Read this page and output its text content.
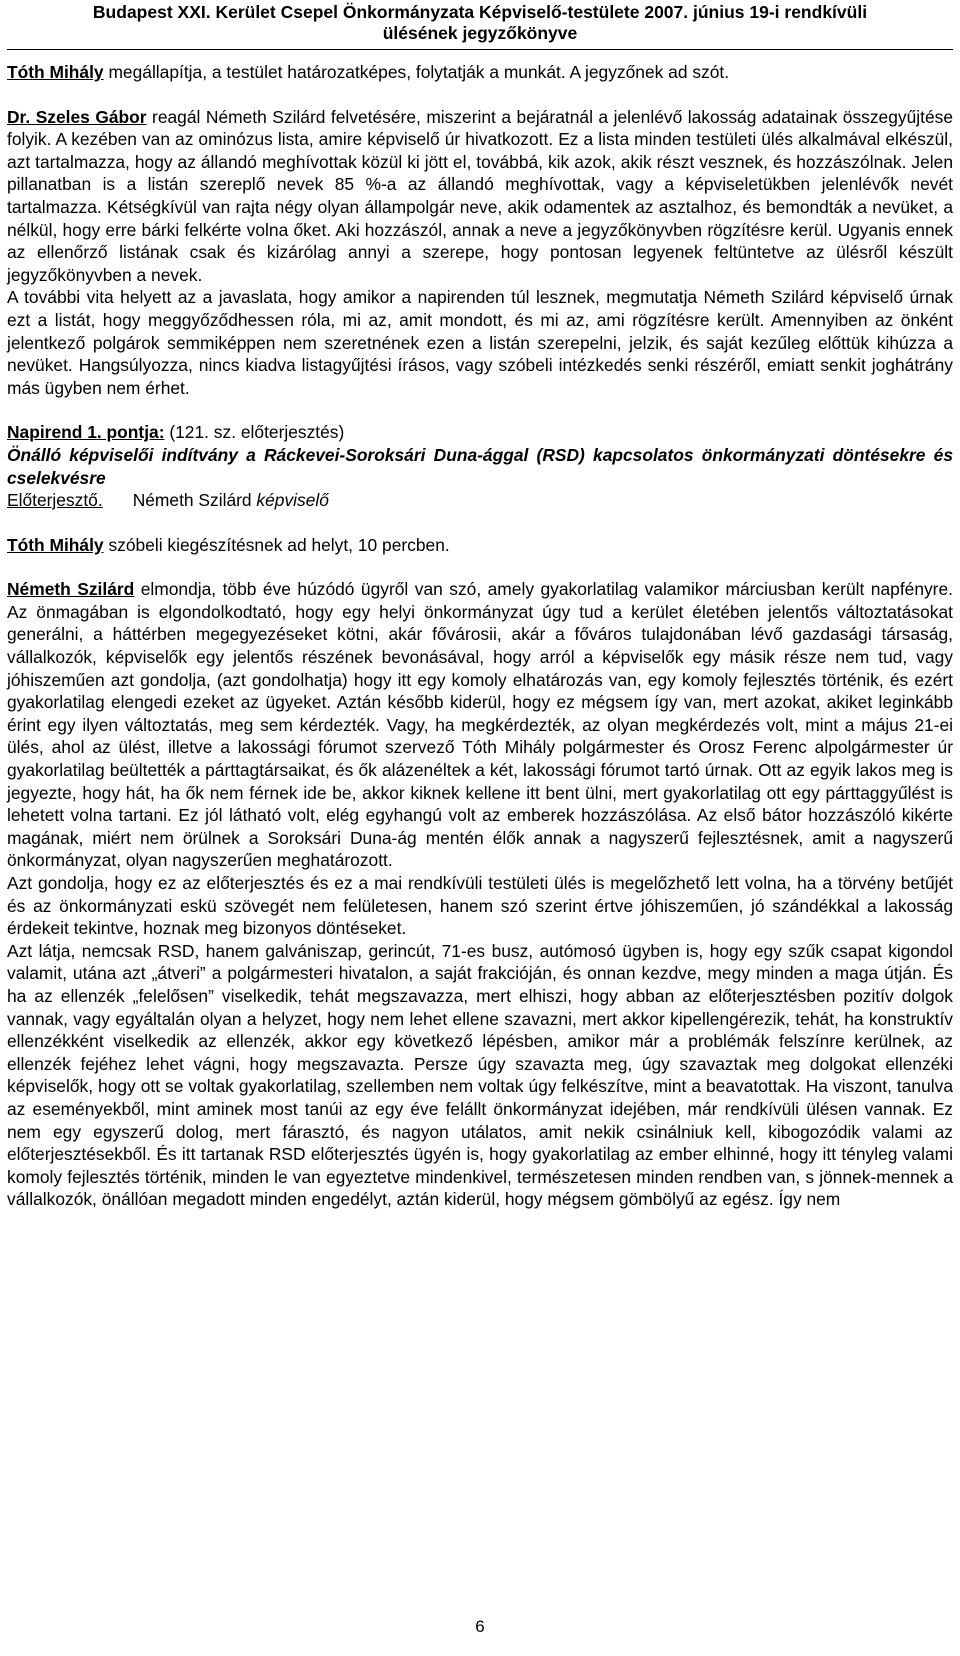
Budapest XXI. Kerület Csepel Önkormányzata Képviselő-testülete 2007. június 19-i rendkívüli
ülésének jegyzőkönyve

Tóth Mihály megállapítja, a testület határozatképes, folytatják a munkát. A jegyzőnek ad szót.

Dr. Szeles Gábor reagál Németh Szilárd felvetésére, miszerint a bejáratnál a jelenlévő lakosság adatainak összegyűjtése folyik. A kezében van az ominózus lista, amire képviselő úr hivatkozott. Ez a lista minden testületi ülés alkalmával elkészül, azt tartalmazza, hogy az állandó meghívottak közül ki jött el, továbbá, kik azok, akik részt vesznek, és hozzászólnak. Jelen pillanatban is a listán szereplő nevek 85 %-a az állandó meghívottak, vagy a képviseletükben jelenlévők nevét tartalmazza. Kétségkívül van rajta négy olyan állampolgár neve, akik odamentek az asztalhoz, és bemondták a nevüket, a nélkül, hogy erre bárki felkérte volna őket. Aki hozzászól, annak a neve a jegyzőkönyvben rögzítésre kerül. Ugyanis ennek az ellenőrző listának csak és kizárólag annyi a szerepe, hogy pontosan legyenek feltüntetve az ülésről készült jegyzőkönyvben a nevek.

A további vita helyett az a javaslata, hogy amikor a napirenden túl lesznek, megmutatja Németh Szilárd képviselő úrnak ezt a listát, hogy meggyőződhessen róla, mi az, amit mondott, és mi az, ami rögzítésre került. Amennyiben az önként jelentkező polgárok semmiképpen nem szeretnének ezen a listán szerepelni, jelzik, és saját kezűleg előttük kihúzza a nevüket. Hangsúlyozza, nincs kiadva listagyűjtési írásos, vagy szóbeli intézkedés senki részéről, emiatt senkit joghátrány más ügyben nem érhet.

Napirend 1. pontja: (121. sz. előterjesztés)

Önálló képviselői indítvány a Ráckevei-Soroksári Duna-ággal (RSD) kapcsolatos önkormányzati döntésekre és cselekvésre

Előterjesztő. Németh Szilárd képviselő

Tóth Mihály szóbeli kiegészítésnek ad helyt, 10 percben.

Németh Szilárd elmondja, több éve húzódó ügyről van szó, amely gyakorlatilag valamikor márciusban került napfényre. Az önmagában is elgondolkodtató, hogy egy helyi önkormányzat úgy tud a kerület életében jelentős változtatásokat generálni, a háttérben megegyezéseket kötni, akár fővárosii, akár a főváros tulajdonában lévő gazdasági társaság, vállalkozók, képviselők egy jelentős részének bevonásával, hogy arról a képviselők egy másik része nem tud, vagy jóhiszeműen azt gondolja, (azt gondolhatja) hogy itt egy komoly elhatározás van, egy komoly fejlesztés történik, és ezért gyakorlatilag elengedi ezeket az ügyeket. Aztán később kiderül, hogy ez mégsem így van, mert azokat, akiket leginkább érint egy ilyen változtatás, meg sem kérdezték. Vagy, ha megkérdezték, az olyan megkérdezés volt, mint a május 21-ei ülés, ahol az ülést, illetve a lakossági fórumot szervező Tóth Mihály polgármester és Orosz Ferenc alpolgármester úr gyakorlatilag beültették a párttagtársaikat, és ők alázenéltek a két, lakossági fórumot tartó úrnak. Ott az egyik lakos meg is jegyezte, hogy hát, ha ők nem férnek ide be, akkor kiknek kellene itt bent ülni, mert gyakorlatilag ott egy párttaggyűlést is lehetett volna tartani. Ez jól látható volt, elég egyhangú volt az emberek hozzászólása. Az első bátor hozzászóló kikérte magának, miért nem örülnek a Soroksári Duna-ág mentén élők annak a nagyszerű fejlesztésnek, amit a nagyszerű önkormányzat, olyan nagyszerűen meghatározott.

Azt gondolja, hogy ez az előterjesztés és ez a mai rendkívüli testületi ülés is megelőzhető lett volna, ha a törvény betűjét és az önkormányzati eskü szövegét nem felületesen, hanem szó szerint értve jóhiszeműen, jó szándékkal a lakosság érdekeit tekintve, hoznak meg bizonyos döntéseket.

Azt látja, nemcsak RSD, hanem galvániszap, gerincút, 71-es busz, autómosó ügyben is, hogy egy szűk csapat kigondol valamit, utána azt „átveri” a polgármesteri hivatalon, a saját frakcióján, és onnan kezdve, megy minden a maga útján. És ha az ellenzék „felelősen” viselkedik, tehát megszavazza, mert elhiszi, hogy abban az előterjesztésben pozitív dolgok vannak, vagy egyáltalán olyan a helyzet, hogy nem lehet ellene szavazni, mert akkor kipellengérezik, tehát, ha konstruktív ellenzékként viselkedik az ellenzék, akkor egy következő lépésben, amikor már a problémák felszínre kerülnek, az ellenzék fejéhez lehet vágni, hogy megszavazta. Persze úgy szavazta meg, úgy szavaztak meg dolgokat ellenzéki képviselők, hogy ott se voltak gyakorlatilag, szellemben nem voltak úgy felkészítve, mint a beavatottak. Ha viszont, tanulva az eseményekből, mint aminek most tanúi az egy éve felállt önkormányzat idejében, már rendkívüli ülésen vannak. Ez nem egy egyszerű dolog, mert fárasztó, és nagyon utálatos, amit nekik csinálniuk kell, kibogozódik valami az előterjesztésekből. És itt tartanak RSD előterjesztés ügyén is, hogy gyakorlatilag az ember elhinné, hogy itt tényleg valami komoly fejlesztés történik, minden le van egyeztetve mindenkivel, természetesen minden rendben van, s jönnek-mennek a vállalkozók, önállóan megadott minden engedélyt, aztán kiderül, hogy mégsem gömbölyű az egész. Így nem

6
